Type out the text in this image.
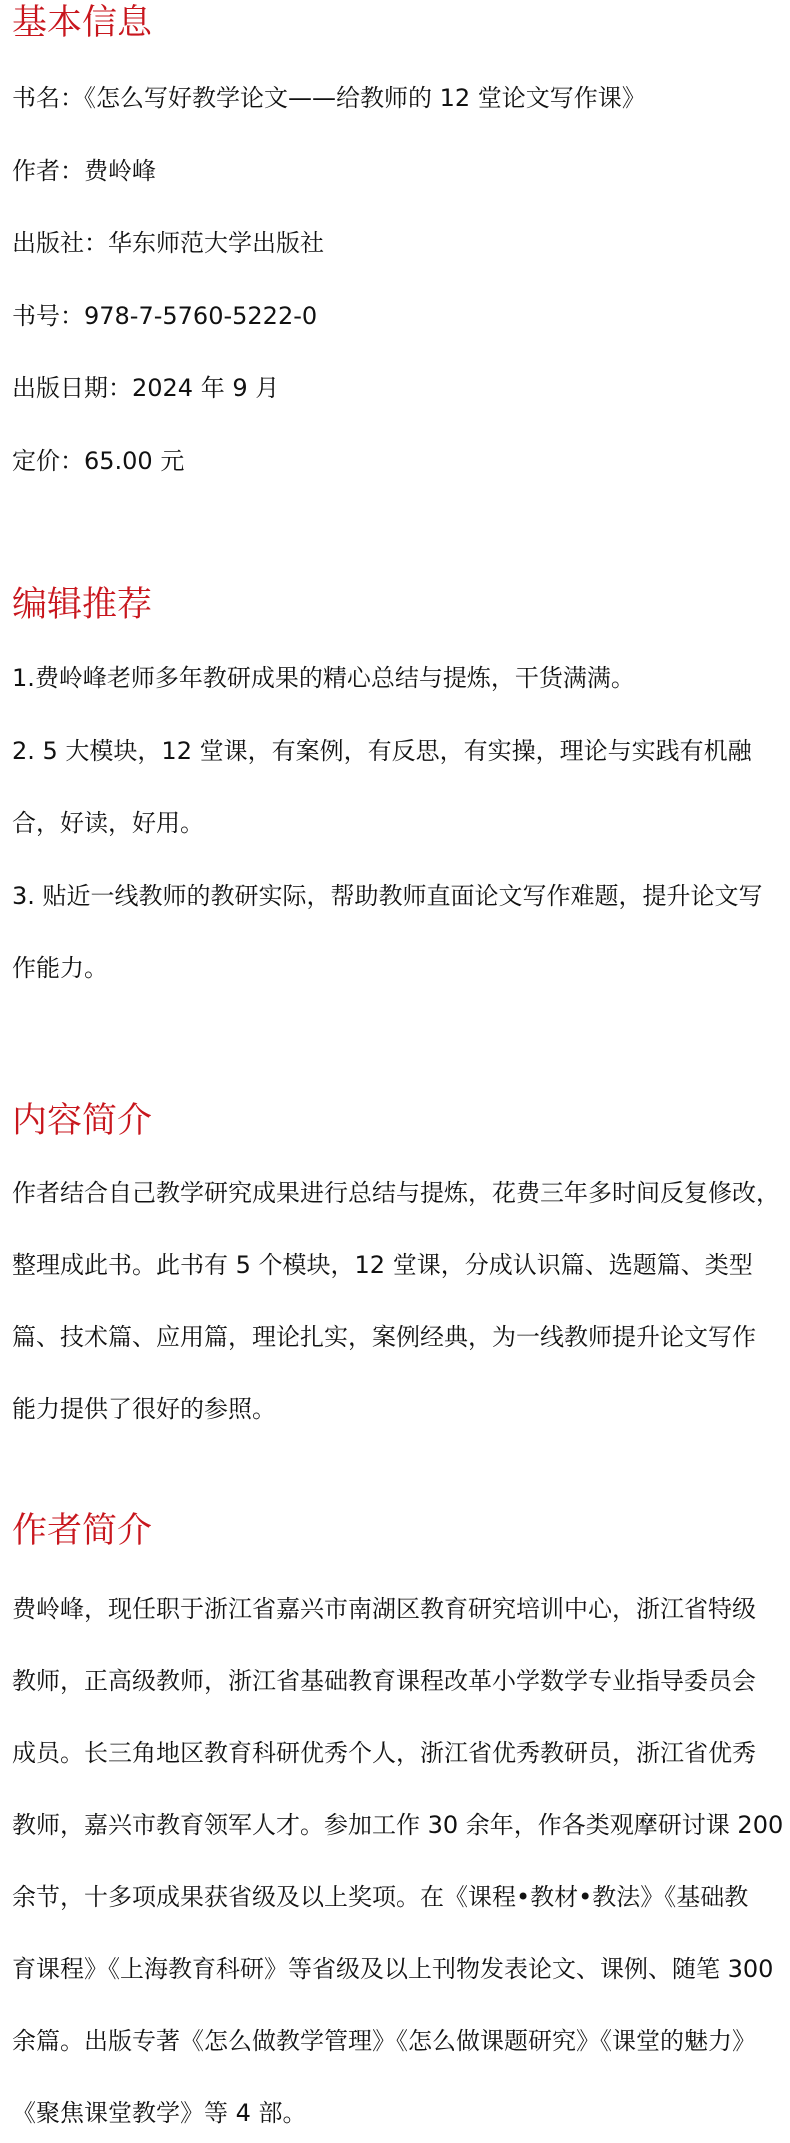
基本信息

书名：《怎么写好教学论文——给教师的 12 堂论文写作课》

作者：费岭峰

出版社：华东师范大学出版社

书号：978-7-5760-5222-0

出版日期：2024 年 9 月

定价：65.00 元

编辑推荐

1.费岭峰老师多年教研成果的精心总结与提炼，干货满满。

2. 5 大模块，12 堂课，有案例，有反思，有实操，理论与实践有机融

合，好读，好用。

3. 贴近一线教师的教研实际，帮助教师直面论文写作难题，提升论文写

作能力。

内容简介

作者结合自己教学研究成果进行总结与提炼，花费三年多时间反复修改，

整理成此书。此书有 5 个模块，12 堂课，分成认识篇、选题篇、类型

篇、技术篇、应用篇，理论扎实，案例经典，为一线教师提升论文写作

能力提供了很好的参照。

作者简介

费岭峰，现任职于浙江省嘉兴市南湖区教育研究培训中心，浙江省特级

教师，正高级教师，浙江省基础教育课程改革小学数学专业指导委员会

成员。长三角地区教育科研优秀个人，浙江省优秀教研员，浙江省优秀

教师，嘉兴市教育领军人才。参加工作 30 余年，作各类观摩研讨课 200

余节，十多项成果获省级及以上奖项。在《课程•教材•教法》《基础教

育课程》《上海教育科研》等省级及以上刊物发表论文、课例、随笔 300

余篇。出版专著《怎么做教学管理》《怎么做课题研究》《课堂的魅力》

《聚焦课堂教学》等 4 部。
